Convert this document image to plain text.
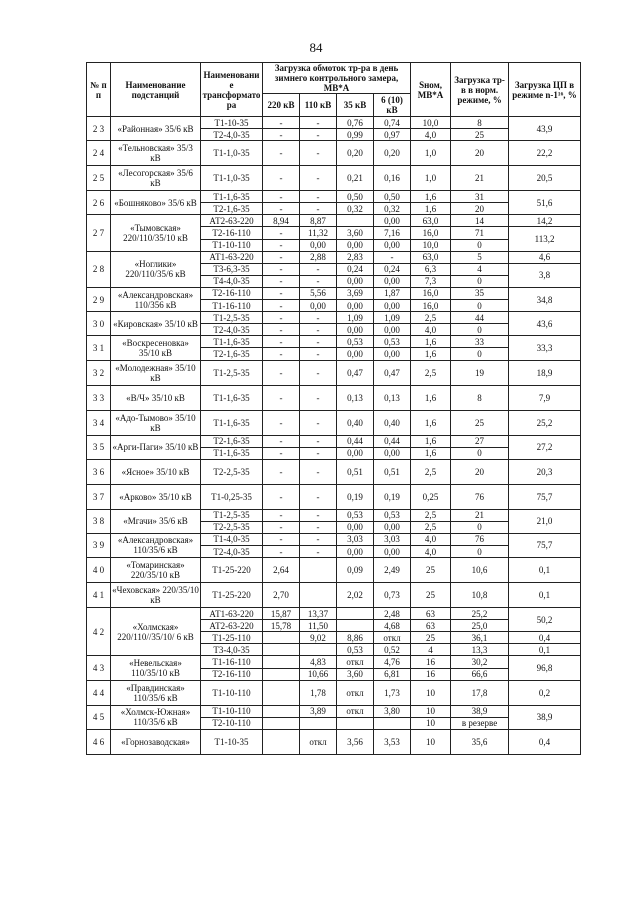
84
№ п п	Наименование подстанций	Наименование трансформатора	Загрузка обмоток тр-ра в день зимнего контрольного замера, МВ*А				Sном, МВ*А	Загрузка тр-в в норм. режиме, %	Загрузка ЦП в режиме n-1¹⁶, %
			220 кВ	110 кВ	35 кВ	6 (10) кВ			
2 3	«Районная» 35/6 кВ	Т1-10-35	-	-	0,76	0,74	10,0	8	43,9
		Т2-4,0-35	-	-	0,99	0,97	4,0	25	
2 4	«Тельновская» 35/3 кВ	Т1-1,0-35	-	-	0,20	0,20	1,0	20	22,2
2 5	«Лесогорская» 35/6 кВ	Т1-1,0-35	-	-	0,21	0,16	1,0	21	20,5
2 6	«Бошняково» 35/6 кВ	Т1-1,6-35	-	-	0,50	0,50	1,6	31	51,6
		Т2-1,6-35	-	-	0,32	0,32	1,6	20	
2 7	«Тымовская» 220/110/35/10 кВ	АТ2-63-220	8,94	8,87		0,00	63,0	14	14,2
		Т2-16-110	-	11,32	3,60	7,16	16,0	71	113,2
		Т1-10-110	-	0,00	0,00	0,00	10,0	0	
2 8	«Ноглики» 220/110/35/6 кВ	АТ1-63-220	-	2,88	2,83	-	63,0	5	4,6
		Т3-6,3-35	-	-	0,24	0,24	6,3	4	3,8
		Т4-4,0-35	-	-	0,00	0,00	7,3	0	
2 9	«Александровская» 110/356 кВ	Т2-16-110	-	5,56	3,69	1,87	16,0	35	34,8
		Т1-16-110	-	0,00	0,00	0,00	16,0	0	
3 0	«Кировская» 35/10 кВ	Т1-2,5-35	-	-	1,09	1,09	2,5	44	43,6
		Т2-4,0-35	-	-	0,00	0,00	4,0	0	
3 1	«Воскресеновка» 35/10 кВ	Т1-1,6-35	-	-	0,53	0,53	1,6	33	33,3
		Т2-1,6-35	-	-	0,00	0,00	1,6	0	
3 2	«Молодежная» 35/10 кВ	Т1-2,5-35	-	-	0,47	0,47	2,5	19	18,9
3 3	«В/Ч» 35/10 кВ	Т1-1,6-35	-	-	0,13	0,13	1,6	8	7,9
3 4	«Адо-Тымово» 35/10 кВ	Т1-1,6-35	-	-	0,40	0,40	1,6	25	25,2
3 5	«Арги-Паги» 35/10 кВ	Т2-1,6-35	-	-	0,44	0,44	1,6	27	27,2
		Т1-1,6-35	-	-	0,00	0,00	1,6	0	
3 6	«Ясное» 35/10 кВ	Т2-2,5-35	-	-	0,51	0,51	2,5	20	20,3
3 7	«Арково» 35/10 кВ	Т1-0,25-35	-	-	0,19	0,19	0,25	76	75,7
3 8	«Мгачи» 35/6 кВ	Т1-2,5-35	-	-	0,53	0,53	2,5	21	21,0
		Т2-2,5-35	-	-	0,00	0,00	2,5	0	
3 9	«Александровская» 110/35/6 кВ	Т1-4,0-35	-	-	3,03	3,03	4,0	76	75,7
		Т2-4,0-35	-	-	0,00	0,00	4,0	0	
4 0	«Томаринская» 220/35/10 кВ	Т1-25-220	2,64		0,09	2,49	25	10,6	0,1
4 1	«Чеховская» 220/35/10 кВ	Т1-25-220	2,70		2,02	0,73	25	10,8	0,1
4 2	«Холмская» 220/110//35/10/ 6 кВ	АТ1-63-220	15,87	13,37		2,48	63	25,2	50,2
		АТ2-63-220	15,78	11,50		4,68	63	25,0	
		Т1-25-110		9,02	8,86	откл	25	36,1	0,4
		Т3-4,0-35			0,53	0,52	4	13,3	0,1
4 3	«Невельская» 110/35/10 кВ	Т1-16-110		4,83	откл	4,76	16	30,2	96,8
		Т2-16-110		10,66	3,60	6,81	16	66,6	
4 4	«Правдинская» 110/35/6 кВ	Т1-10-110		1,78	откл	1,73	10	17,8	0,2
4 5	«Холмск-Южная» 110/35/6 кВ	Т1-10-110		3,89	откл	3,80	10	38,9	38,9
		Т2-10-110					10	в резерве	
4 6	«Горнозаводская»	Т1-10-35		откл	3,56	3,53	10	35,6	0,4
